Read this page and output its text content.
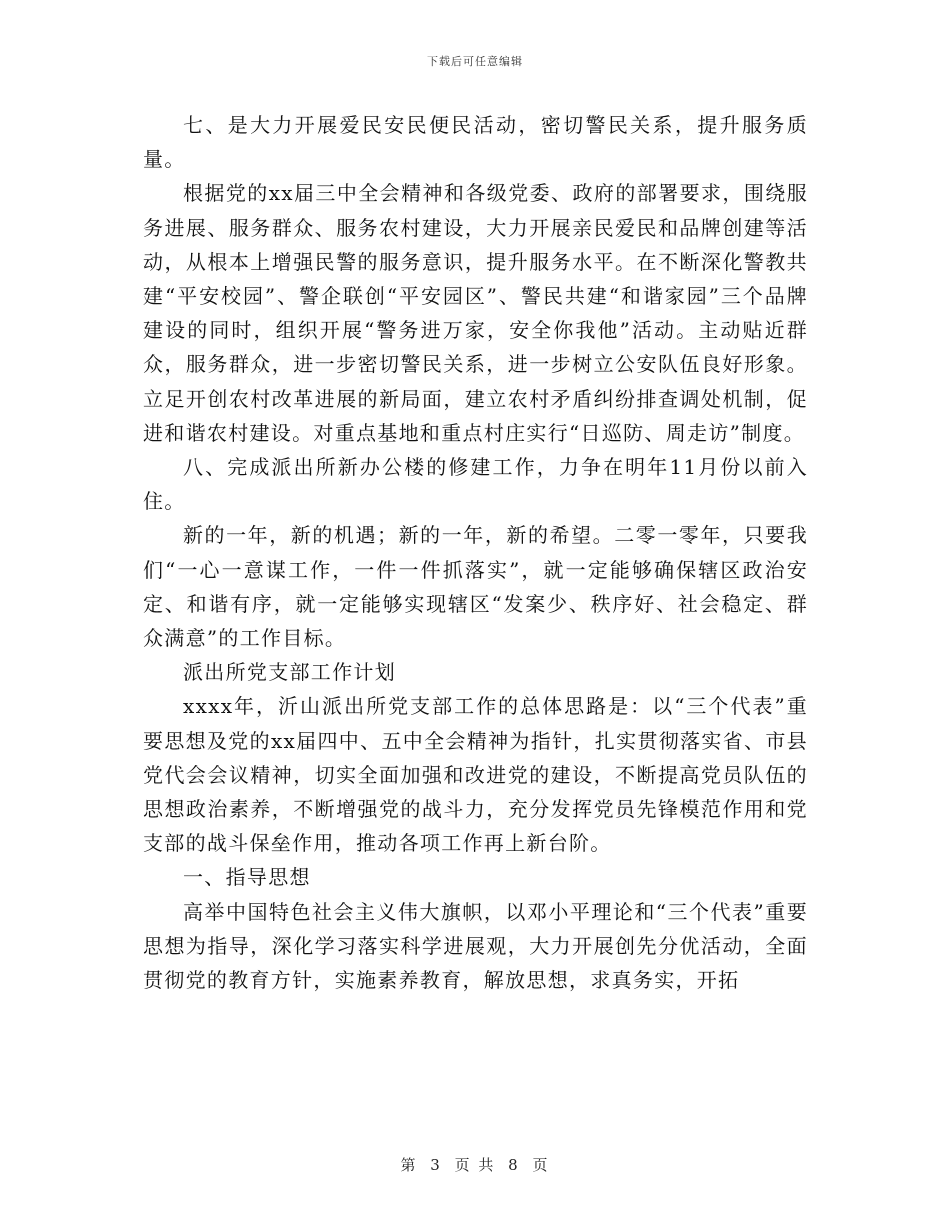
下载后可任意编辑

七、是大力开展爱民安民便民活动，密切警民关系，提升服务质量。

根据党的xx届三中全会精神和各级党委、政府的部署要求，围绕服务进展、服务群众、服务农村建设，大力开展亲民爱民和品牌创建等活动，从根本上增强民警的服务意识，提升服务水平。在不断深化警教共建“平安校园”、警企联创“平安园区”、警民共建“和谐家园”三个品牌建设的同时，组织开展“警务进万家，安全你我他”活动。主动贴近群众，服务群众，进一步密切警民关系，进一步树立公安队伍良好形象。立足开创农村改革进展的新局面，建立农村矛盾纠纷排查调处机制，促进和谐农村建设。对重点基地和重点村庄实行“日巡防、周走访”制度。

八、完成派出所新办公楼的修建工作，力争在明年11月份以前入住。

新的一年，新的机遇；新的一年，新的希望。二零一零年，只要我们“一心一意谋工作，一件一件抓落实”，就一定能够确保辖区政治安定、和谐有序，就一定能够实现辖区“发案少、秩序好、社会稳定、群众满意”的工作目标。

派出所党支部工作计划

xxxx年，沂山派出所党支部工作的总体思路是：以“三个代表”重要思想及党的xx届四中、五中全会精神为指针，扎实贯彻落实省、市县党代会会议精神，切实全面加强和改进党的建设，不断提高党员队伍的思想政治素养，不断增强党的战斗力，充分发挥党员先锋模范作用和党支部的战斗保垒作用，推动各项工作再上新台阶。

一、指导思想

高举中国特色社会主义伟大旗帜，以邓小平理论和“三个代表”重要思想为指导，深化学习落实科学进展观，大力开展创先分优活动，全面贯彻党的教育方针，实施素养教育，解放思想，求真务实，开拓

第 3 页 共 8 页
